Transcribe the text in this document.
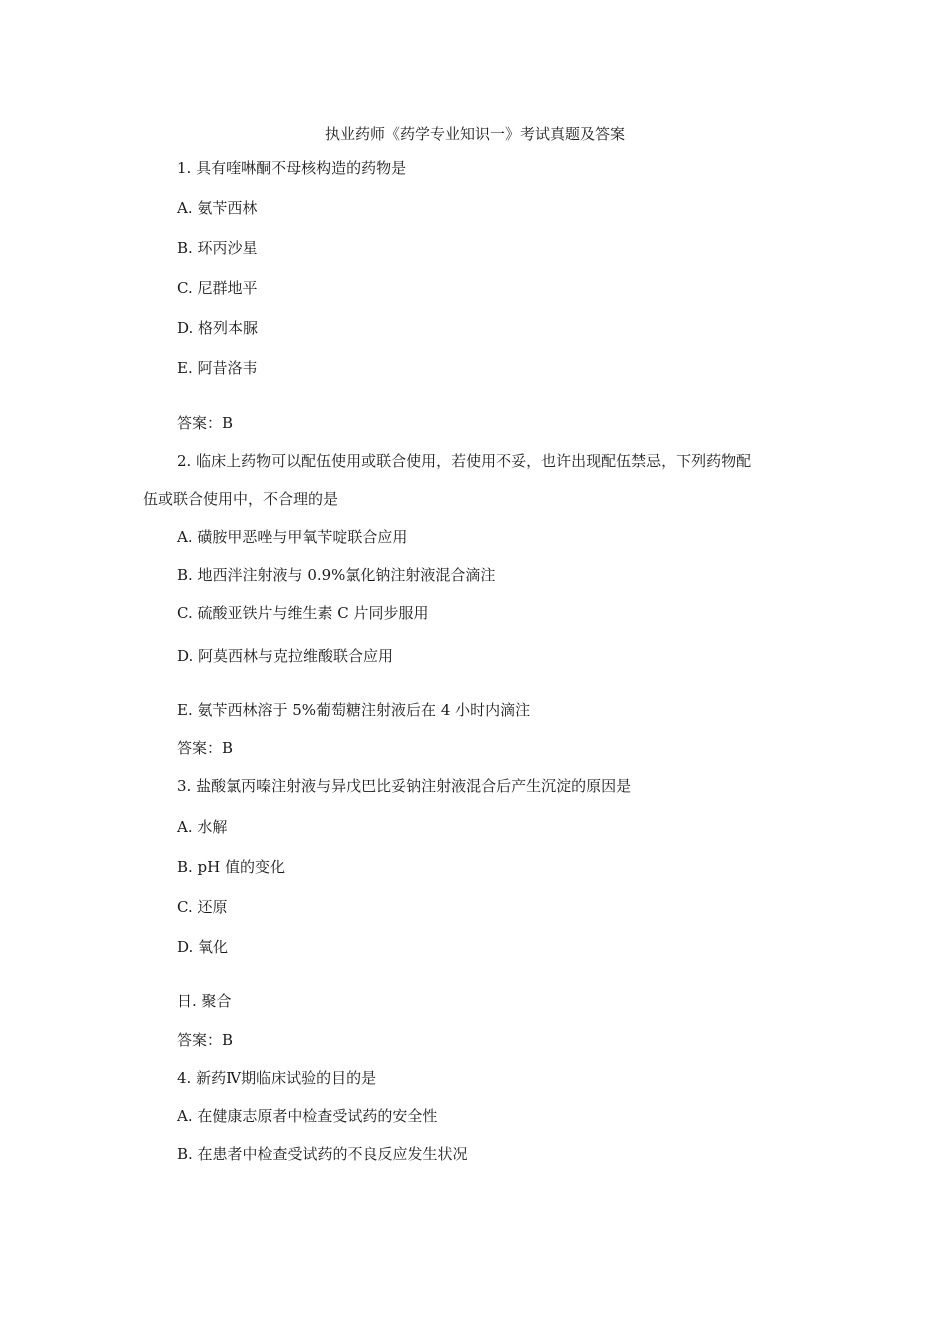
执业药师《药学专业知识一》考试真题及答案
1. 具有喹啉酮不母核构造的药物是
A. 氨苄西林
B. 环丙沙星
C. 尼群地平
D. 格列本脲
E. 阿昔洛韦
答案：B
2. 临床上药物可以配伍使用或联合使用，若使用不妥，也许出现配伍禁忌，下列药物配
伍或联合使用中，不合理的是
A. 磺胺甲恶唑与甲氧苄啶联合应用
B. 地西泮注射液与 0.9%氯化钠注射液混合滴注
C. 硫酸亚铁片与维生素 C 片同步服用
D. 阿莫西林与克拉维酸联合应用
E. 氨苄西林溶于 5%葡萄糖注射液后在 4 小时内滴注
答案：B
3. 盐酸氯丙嗪注射液与异戊巴比妥钠注射液混合后产生沉淀的原因是
A. 水解
B. pH 值的变化
C. 还原
D. 氧化
日. 聚合
答案：B
4. 新药Ⅳ期临床试验的目的是
A. 在健康志原者中检查受试药的安全性
B. 在患者中检查受试药的不良反应发生状况
